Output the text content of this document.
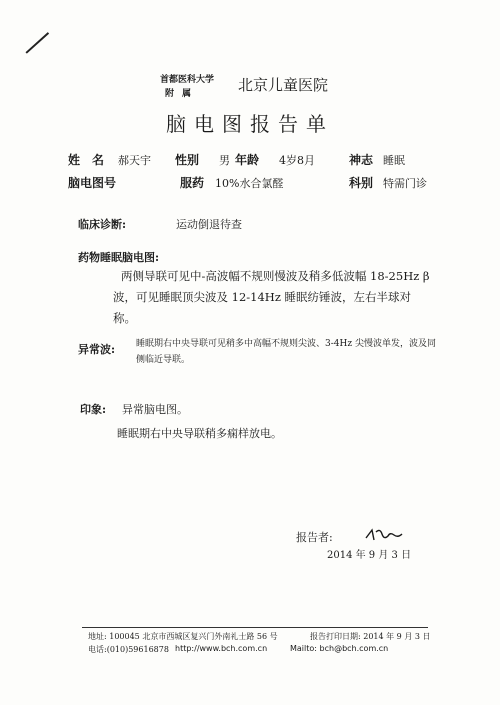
首都医科大学
附属	北京儿童医院
脑电图报告单
姓　名 郝天宇 性别 男 年龄 4岁8月	神志 睡眠
脑电图号	服药 10%水合氯醛	科别 特需门诊
临床诊断:	运动倒退待查
药物睡眠脑电图:
两侧导联可见中-高波幅不规则慢波及稍多低波幅 18-25Hz β波，可见睡眠顶尖波及 12-14Hz 睡眠纺锤波，左右半球对称。
异常波: 睡眠期右中央导联可见稍多中高幅不规则尖波、3-4Hz 尖慢波单发，波及同侧临近导联。
印象: 异常脑电图。
睡眠期右中央导联稍多痫样放电。
报告者:
2014 年 9 月 3 日
地址: 100045 北京市西城区复兴门外南礼士路 56 号	报告打印日期: 2014 年 9 月 3 日
电话:(010)59616878 http://www.bch.com.cn	Mailto: bch@bch.com.cn
